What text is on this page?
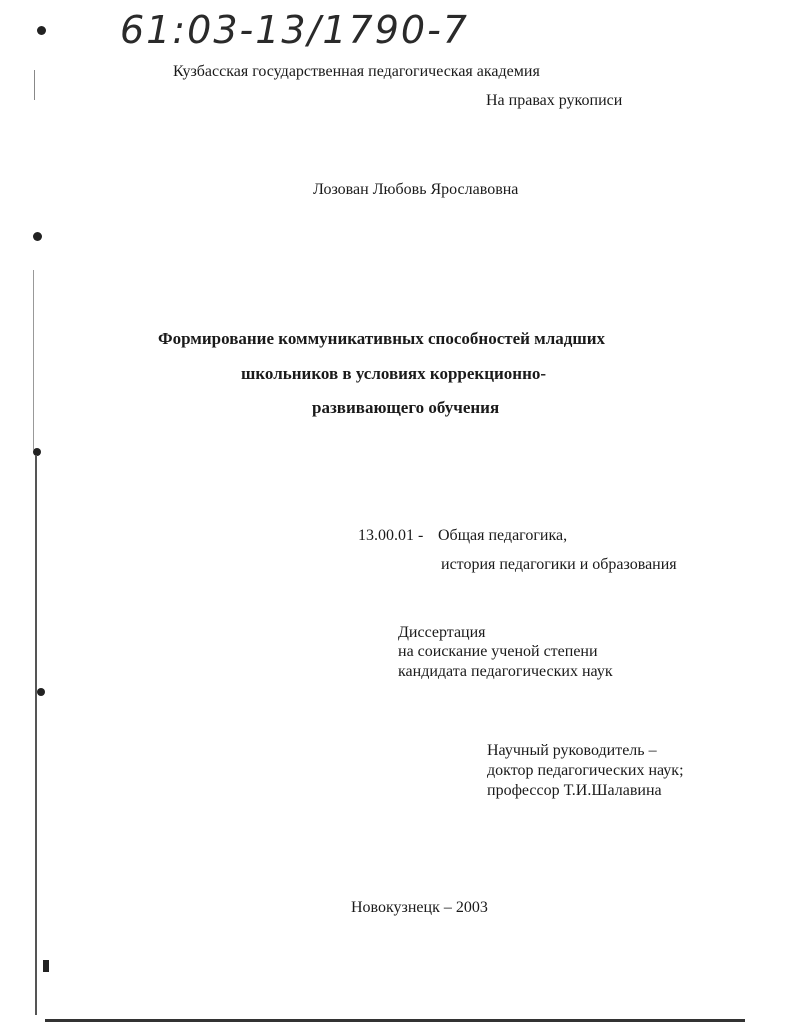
61:03-13/1790-7
Кузбасская государственная педагогическая академия
На правах рукописи
Лозован Любовь Ярославовна
Формирование коммуникативных способностей младших
школьников в условиях коррекционно-
развивающего обучения
13.00.01 - Общая педагогика,
история педагогики и образования
Диссертация
на соискание ученой степени
кандидата педагогических наук
Научный руководитель –
доктор педагогических наук;
профессор Т.И.Шалавина
Новокузнецк – 2003
